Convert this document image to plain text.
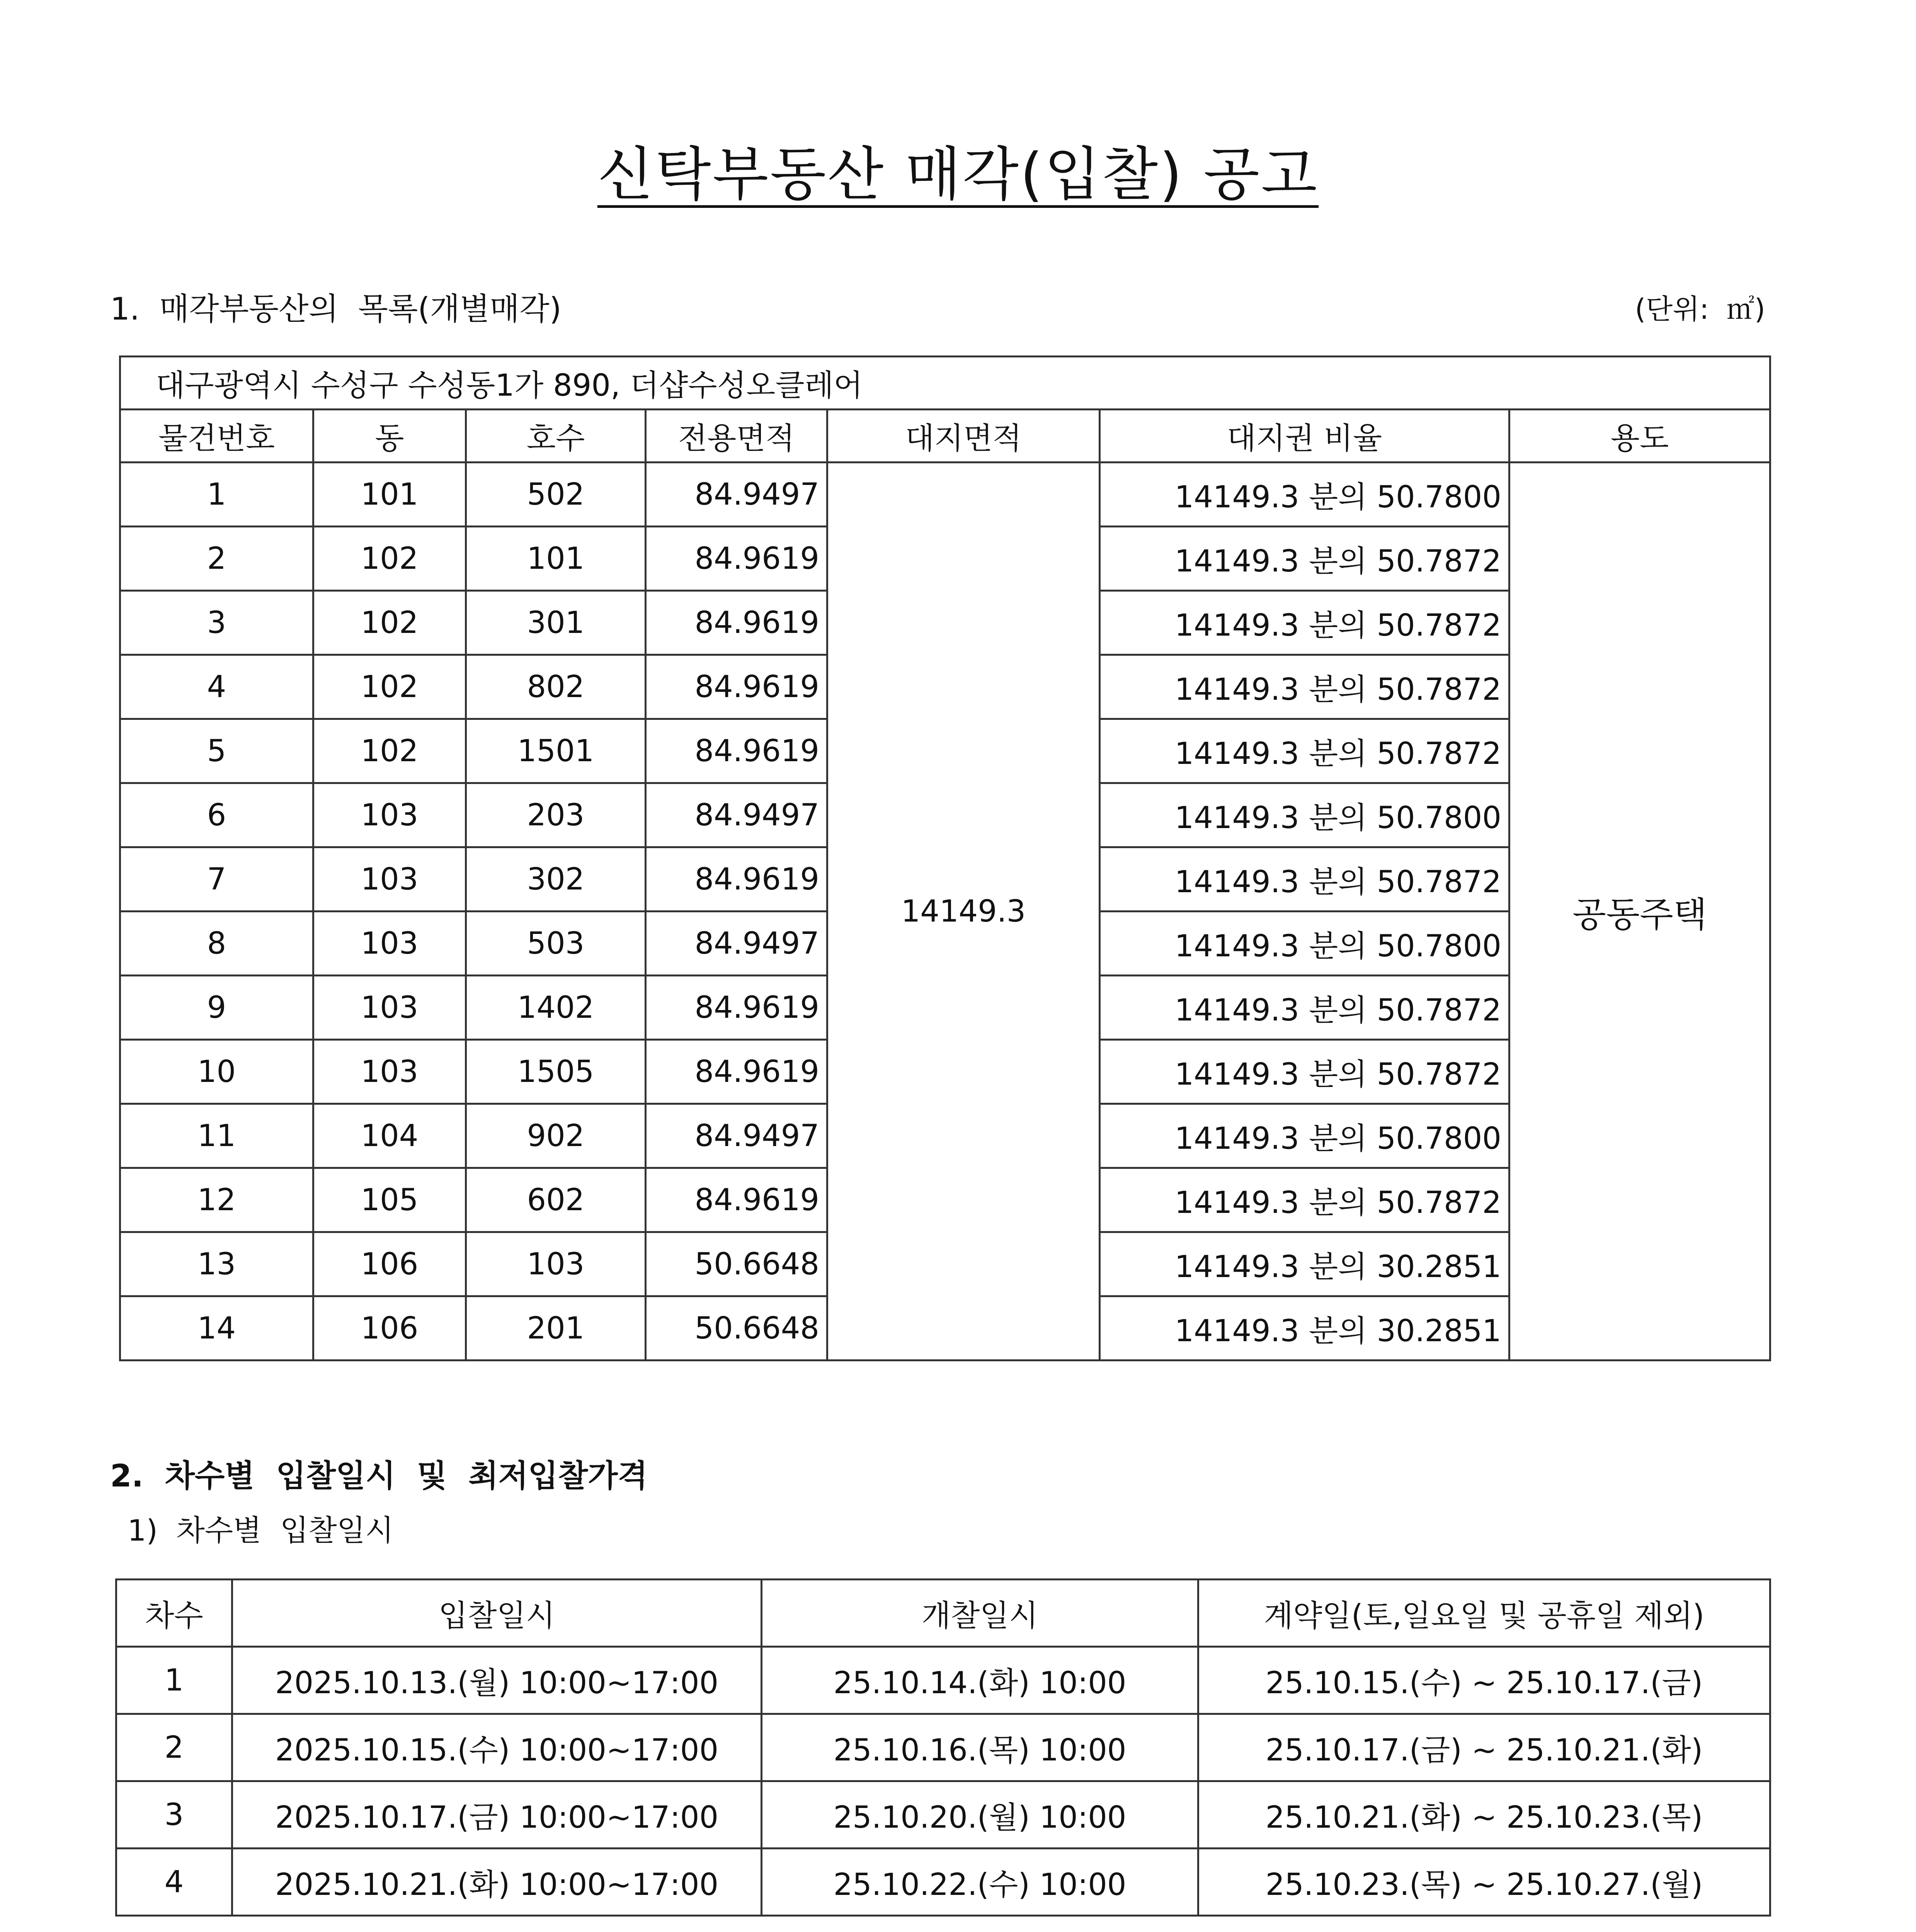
신탁부동산 매각(입찰) 공고
1.  매각부동산의  목록(개별매각)	(단위:  ㎡)
대구광역시 수성구 수성동1가 890, 더샵수성오클레어						
물건번호	동	호수	전용면적	대지면적	대지권 비율	용도
1	101	502	84.9497	14149.3	14149.3 분의 50.7800	공동주택
2	102	101	84.9619		14149.3 분의 50.7872	
3	102	301	84.9619		14149.3 분의 50.7872	
4	102	802	84.9619		14149.3 분의 50.7872	
5	102	1501	84.9619		14149.3 분의 50.7872	
6	103	203	84.9497		14149.3 분의 50.7800	
7	103	302	84.9619		14149.3 분의 50.7872	
8	103	503	84.9497		14149.3 분의 50.7800	
9	103	1402	84.9619		14149.3 분의 50.7872	
10	103	1505	84.9619		14149.3 분의 50.7872	
11	104	902	84.9497		14149.3 분의 50.7800	
12	105	602	84.9619		14149.3 분의 50.7872	
13	106	103	50.6648		14149.3 분의 30.2851	
14	106	201	50.6648		14149.3 분의 30.2851	
2.  차수별  입찰일시  및  최저입찰가격
1)  차수별  입찰일시
차수	입찰일시	개찰일시	계약일(토,일요일 및 공휴일 제외)
1	2025.10.13.(월) 10:00~17:00	25.10.14.(화) 10:00	25.10.15.(수) ~ 25.10.17.(금)
2	2025.10.15.(수) 10:00~17:00	25.10.16.(목) 10:00	25.10.17.(금) ~ 25.10.21.(화)
3	2025.10.17.(금) 10:00~17:00	25.10.20.(월) 10:00	25.10.21.(화) ~ 25.10.23.(목)
4	2025.10.21.(화) 10:00~17:00	25.10.22.(수) 10:00	25.10.23.(목) ~ 25.10.27.(월)
